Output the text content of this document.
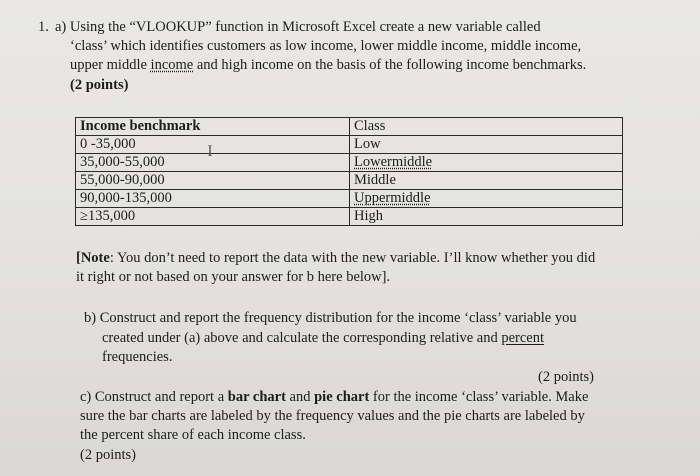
1. a) Using the “VLOOKUP” function in Microsoft Excel create a new variable called
‘class’ which identifies customers as low income, lower middle income, middle income,
upper middle income and high income on the basis of the following income benchmarks.
(2 points)
Income benchmark	Class
0 -35,000	Low
35,000-55,000	Lowermiddle
55,000-90,000	Middle
90,000-135,000	Uppermiddle
≥135,000	High
Ｉ
[Note: You don’t need to report the data with the new variable. I’ll know whether you did
it right or not based on your answer for b here below].
b) Construct and report the frequency distribution for the income ‘class’ variable you
created under (a) above and calculate the corresponding relative and percent
frequencies.
(2 points)
c) Construct and report a bar chart and pie chart for the income ‘class’ variable. Make
sure the bar charts are labeled by the frequency values and the pie charts are labeled by
the percent share of each income class.
(2 points)
